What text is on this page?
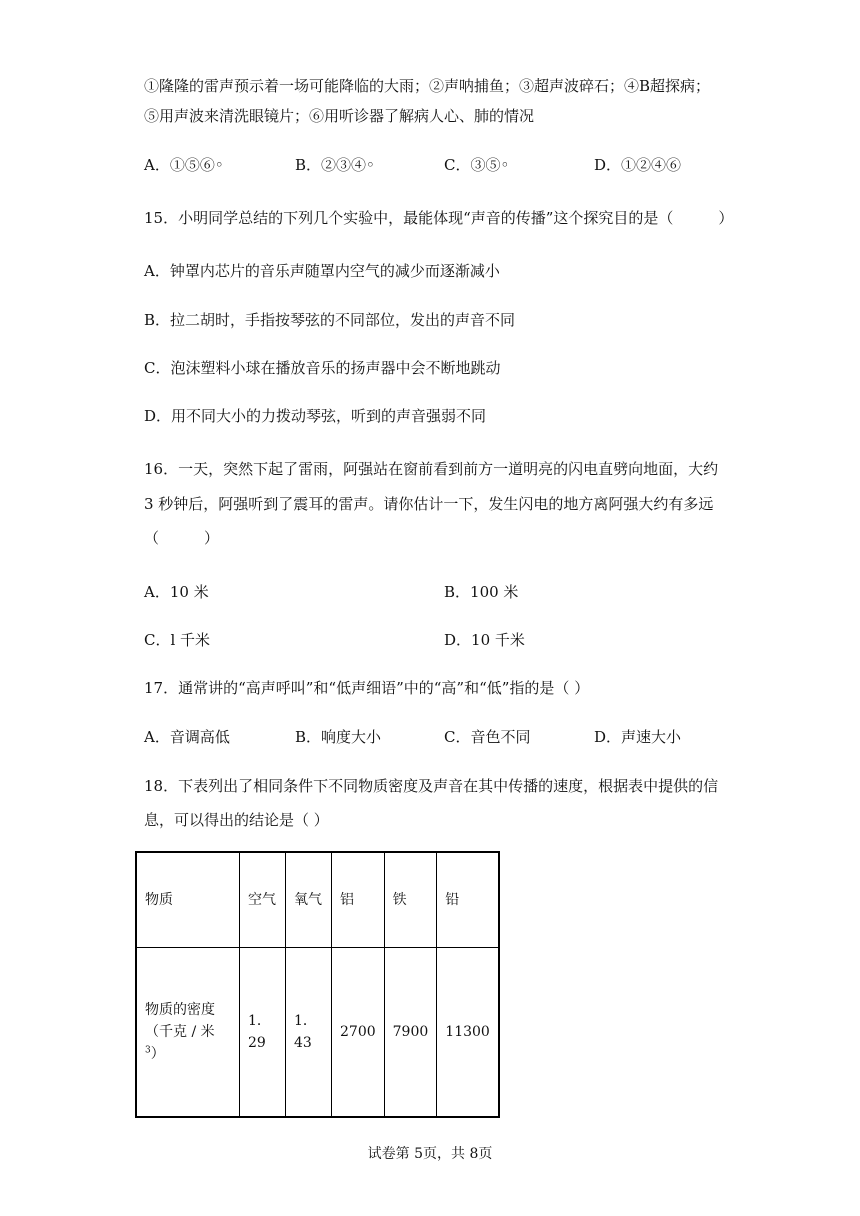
①隆隆的雷声预示着一场可能降临的大雨；②声呐捕鱼；③超声波碎石；④B超探病；
⑤用声波来清洗眼镜片；⑥用听诊器了解病人心、肺的情况
A．①⑤⑥◦	B．②③④◦	C．③⑤◦	D．①②④⑥
15．小明同学总结的下列几个实验中，最能体现“声音的传播”这个探究目的是（　　　）
A．钟罩内芯片的音乐声随罩内空气的减少而逐渐减小
B．拉二胡时，手指按琴弦的不同部位，发出的声音不同
C．泡沫塑料小球在播放音乐的扬声器中会不断地跳动
D．用不同大小的力拨动琴弦，听到的声音强弱不同
16．一天，突然下起了雷雨，阿强站在窗前看到前方一道明亮的闪电直劈向地面，大约
3 秒钟后，阿强听到了震耳的雷声。请你估计一下，发生闪电的地方离阿强大约有多远
（　　　）
A．10 米	B．100 米
C．l 千米	D．10 千米
17．通常讲的“高声呼叫”和“低声细语”中的“高”和“低”指的是（ ）
A．音调高低	B．响度大小	C．音色不同	D．声速大小
18．下表列出了相同条件下不同物质密度及声音在其中传播的速度，根据表中提供的信
息，可以得出的结论是（ ）
物质	空气	氧气	铝	铁	铅
物质的密度（千克 / 米$^3$）	1．29	1．43	2700	7900	11300
试卷第 5页，共 8页
